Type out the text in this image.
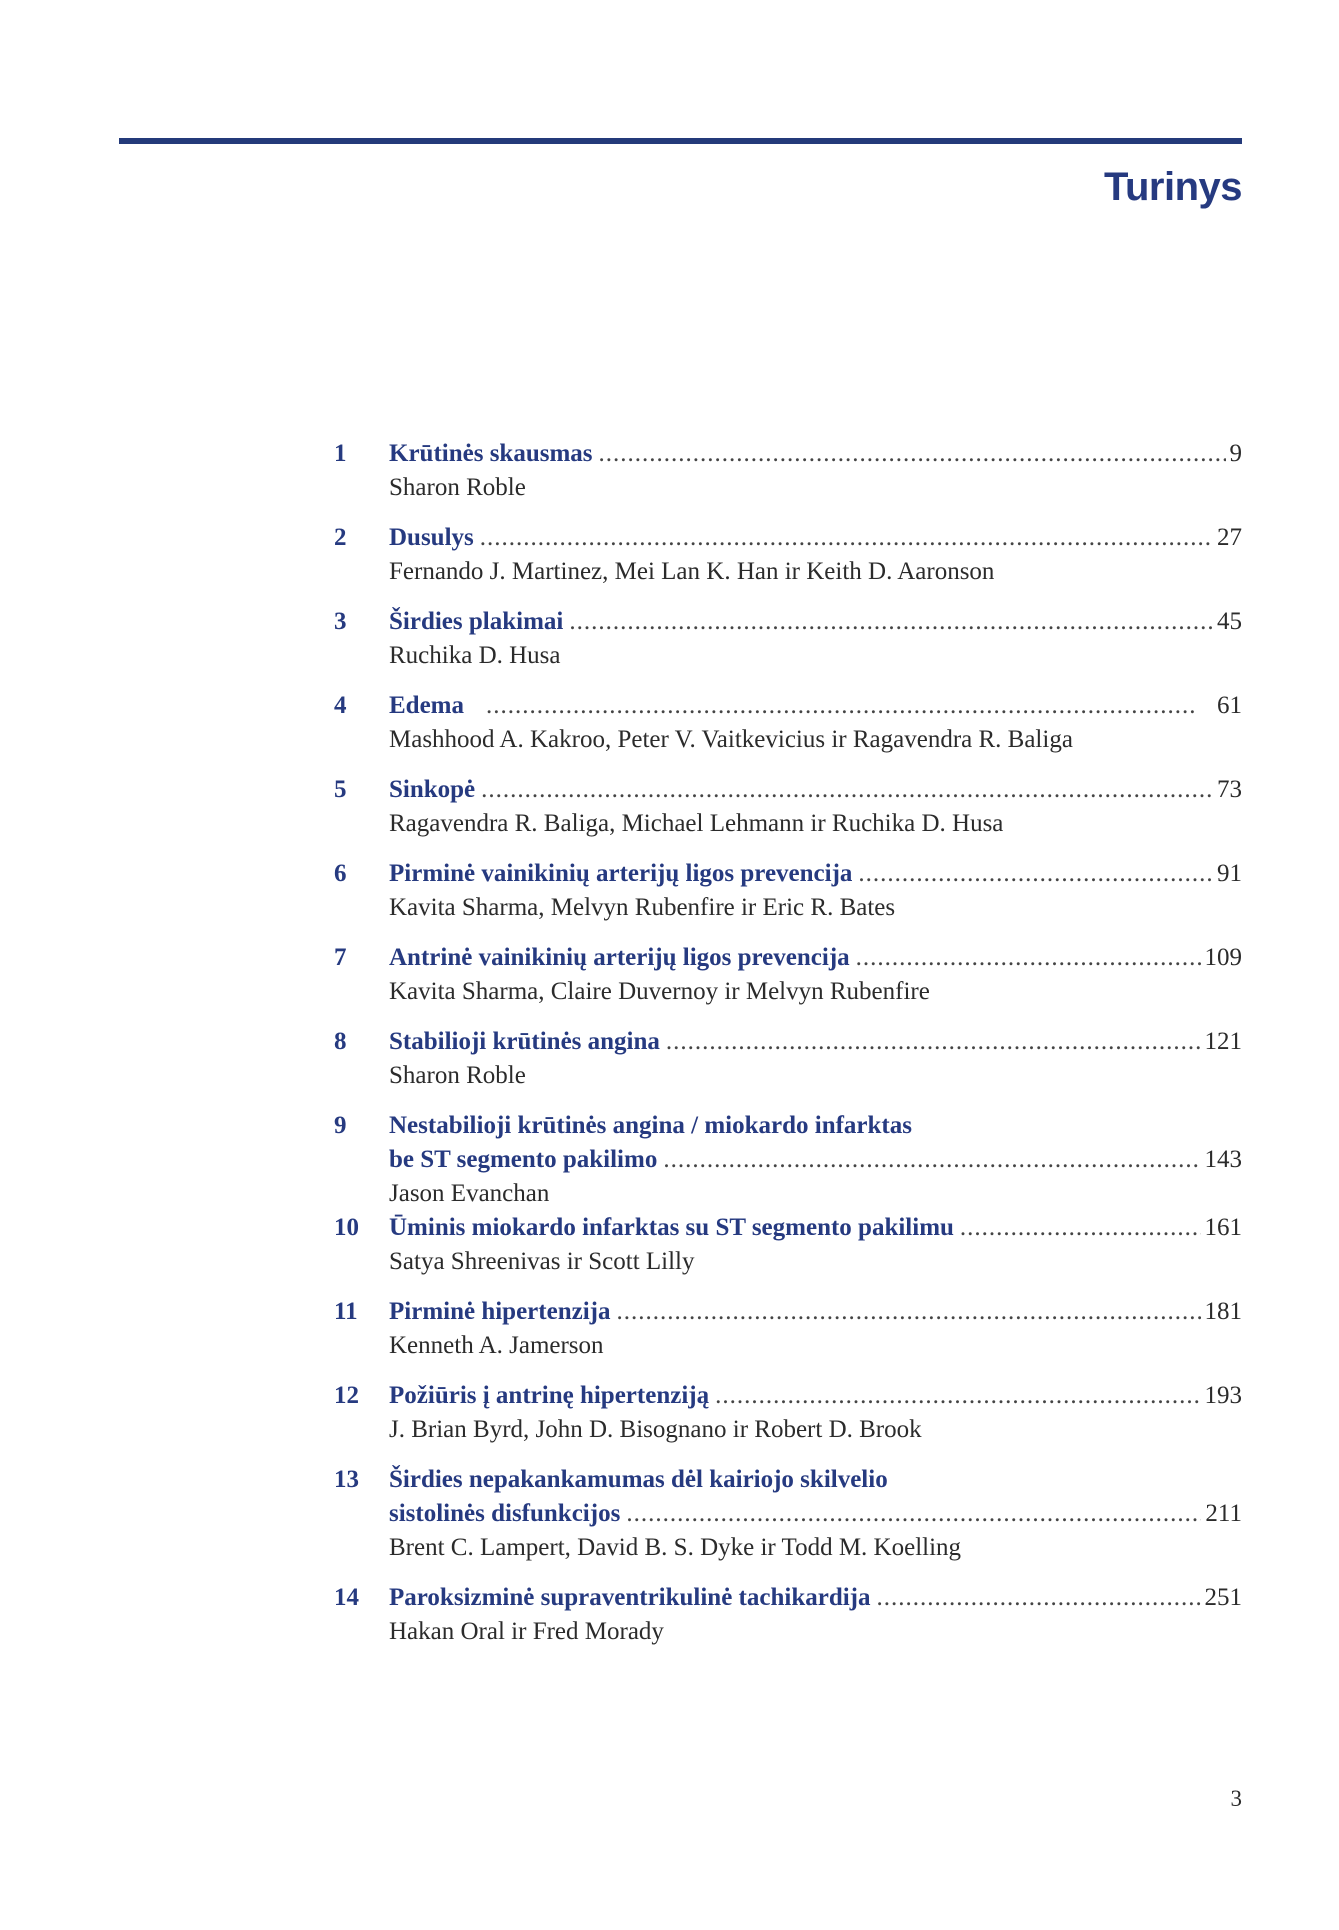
Turinys
1	Krūtinės skausmas .....	9
Sharon Roble
2	Dusulys .....	27
Fernando J. Martinez, Mei Lan K. Han ir Keith D. Aaronson
3	Širdies plakimai .....	45
Ruchika D. Husa
4	Edema .....	61
Mashhood A. Kakroo, Peter V. Vaitkevicius ir Ragavendra R. Baliga
5	Sinkopė .....	73
Ragavendra R. Baliga, Michael Lehmann ir Ruchika D. Husa
6	Pirminė vainikinių arterijų ligos prevencija .....	91
Kavita Sharma, Melvyn Rubenfire ir Eric R. Bates
7	Antrinė vainikinių arterijų ligos prevencija .....	109
Kavita Sharma, Claire Duvernoy ir Melvyn Rubenfire
8	Stabilioji krūtinės angina .....	121
Sharon Roble
9	Nestabilioji krūtinės angina / miokardo infarktas
be ST segmento pakilimo .....	143
Jason Evanchan
10	Ūminis miokardo infarktas su ST segmento pakilimu .....	161
Satya Shreenivas ir Scott Lilly
11	Pirminė hipertenzija .....	181
Kenneth A. Jamerson
12	Požiūris į antrinę hipertenziją .....	193
J. Brian Byrd, John D. Bisognano ir Robert D. Brook
13	Širdies nepakankamumas dėl kairiojo skilvelio
sistolinės disfunkcijos .....	211
Brent C. Lampert, David B. S. Dyke ir Todd M. Koelling
14	Paroksizminė supraventrikulinė tachikardija .....	251
Hakan Oral ir Fred Morady
3
